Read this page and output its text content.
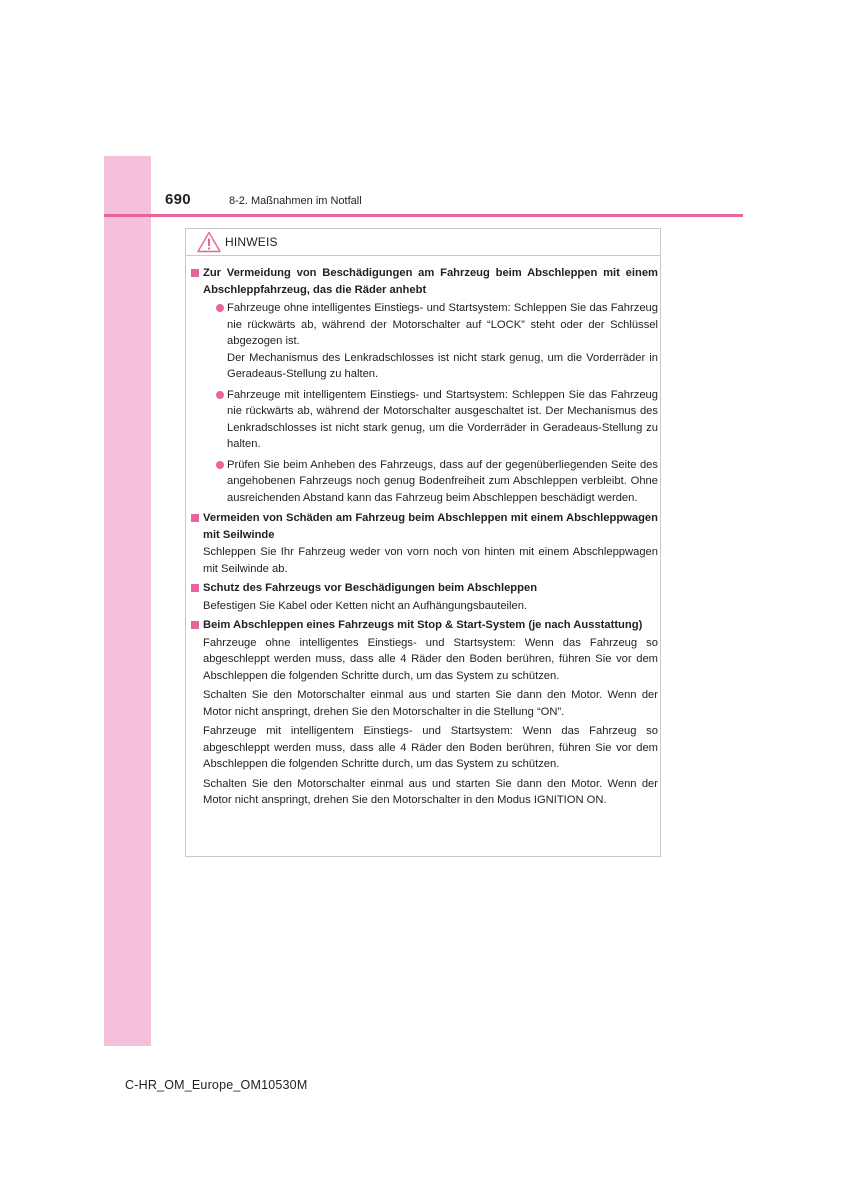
690	8-2. Maßnahmen im Notfall
HINWEIS
Zur Vermeidung von Beschädigungen am Fahrzeug beim Abschleppen mit einem Abschleppfahrzeug, das die Räder anhebt

Fahrzeuge ohne intelligentes Einstiegs- und Startsystem: Schleppen Sie das Fahrzeug nie rückwärts ab, während der Motorschalter auf “LOCK” steht oder der Schlüssel abgezogen ist.

Der Mechanismus des Lenkradschlosses ist nicht stark genug, um die Vorderräder in Geradeaus-Stellung zu halten.

Fahrzeuge mit intelligentem Einstiegs- und Startsystem: Schleppen Sie das Fahrzeug nie rückwärts ab, während der Motorschalter ausgeschaltet ist. Der Mechanismus des Lenkradschlosses ist nicht stark genug, um die Vorderräder in Geradeaus-Stellung zu halten.

Prüfen Sie beim Anheben des Fahrzeugs, dass auf der gegenüberliegenden Seite des angehobenen Fahrzeugs noch genug Bodenfreiheit zum Abschleppen verbleibt. Ohne ausreichenden Abstand kann das Fahrzeug beim Abschleppen beschädigt werden.

Vermeiden von Schäden am Fahrzeug beim Abschleppen mit einem Abschleppwagen mit Seilwinde

Schleppen Sie Ihr Fahrzeug weder von vorn noch von hinten mit einem Abschleppwagen mit Seilwinde ab.

Schutz des Fahrzeugs vor Beschädigungen beim Abschleppen

Befestigen Sie Kabel oder Ketten nicht an Aufhängungsbauteilen.

Beim Abschleppen eines Fahrzeugs mit Stop & Start-System (je nach Ausstattung)

Fahrzeuge ohne intelligentes Einstiegs- und Startsystem: Wenn das Fahrzeug so abgeschleppt werden muss, dass alle 4 Räder den Boden berühren, führen Sie vor dem Abschleppen die folgenden Schritte durch, um das System zu schützen.

Schalten Sie den Motorschalter einmal aus und starten Sie dann den Motor. Wenn der Motor nicht anspringt, drehen Sie den Motorschalter in die Stellung “ON”.

Fahrzeuge mit intelligentem Einstiegs- und Startsystem: Wenn das Fahrzeug so abgeschleppt werden muss, dass alle 4 Räder den Boden berühren, führen Sie vor dem Abschleppen die folgenden Schritte durch, um das System zu schützen.

Schalten Sie den Motorschalter einmal aus und starten Sie dann den Motor. Wenn der Motor nicht anspringt, drehen Sie den Motorschalter in den Modus IGNITION ON.

C-HR_OM_Europe_OM10530M
